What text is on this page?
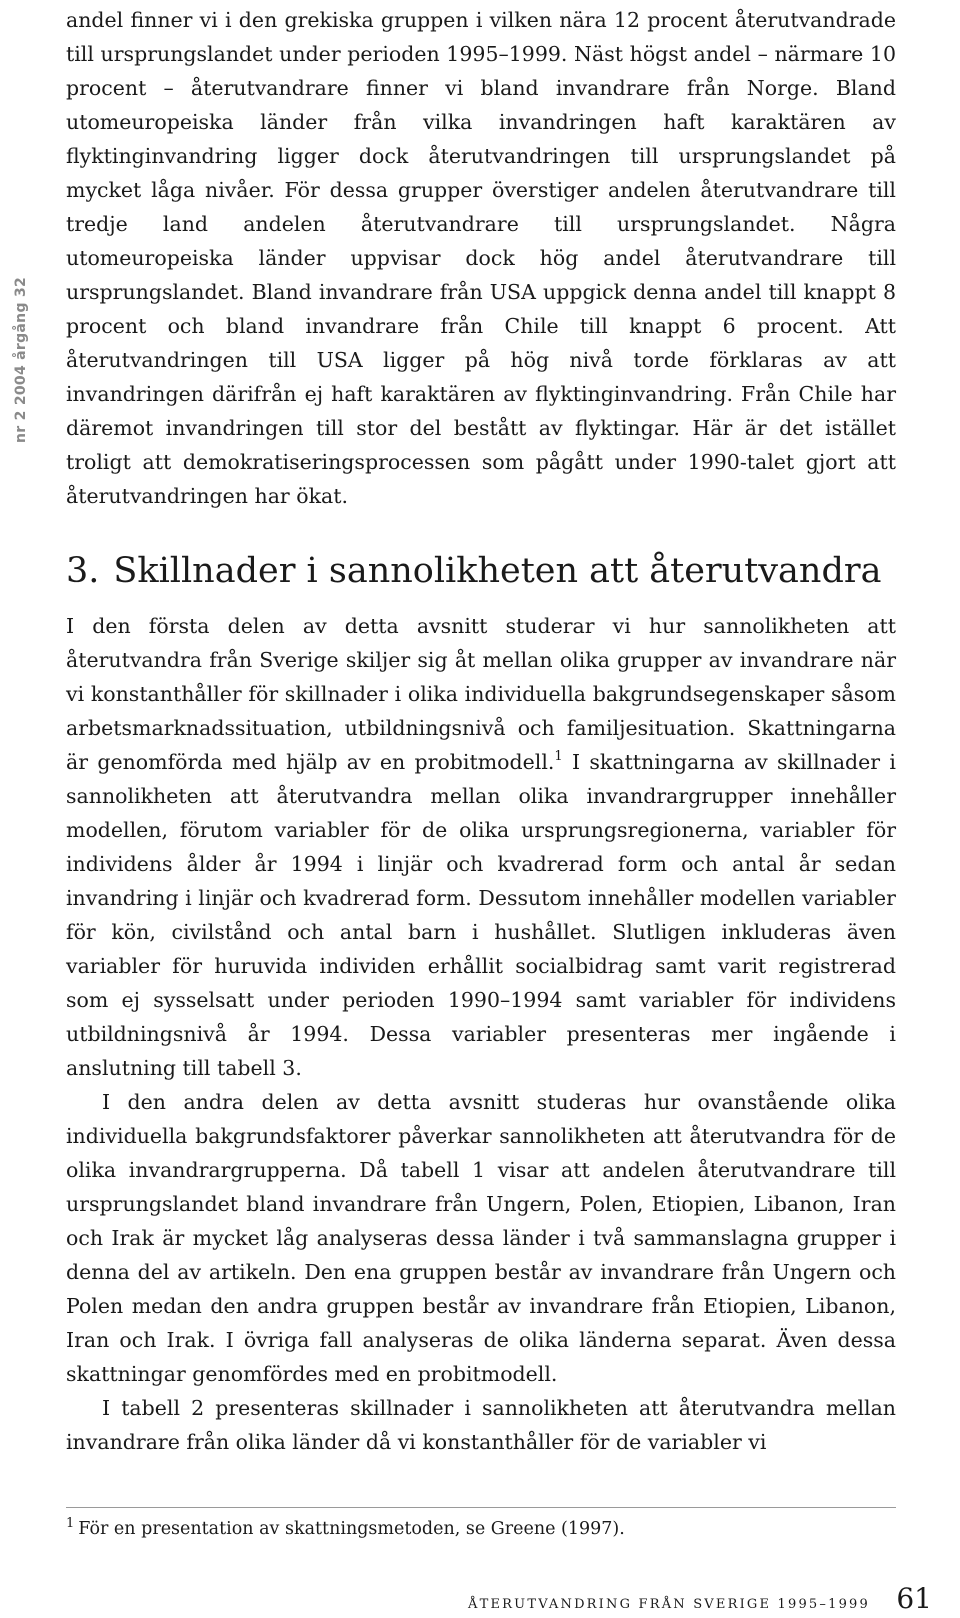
nr 2 2004 årgång 32

andel finner vi i den grekiska gruppen i vilken nära 12 procent återutvandrade till ursprungslandet under perioden 1995–1999. Näst högst andel – närmare 10 procent – återutvandrare finner vi bland invandrare från Norge. Bland utomeuropeiska länder från vilka invandringen haft karaktären av flyktinginvandring ligger dock återutvandringen till ursprungslandet på mycket låga nivåer. För dessa grupper överstiger andelen återutvandrare till tredje land andelen återutvandrare till ursprungslandet. Några utomeuropeiska länder uppvisar dock hög andel återutvandrare till ursprungslandet. Bland invandrare från USA uppgick denna andel till knappt 8 procent och bland invandrare från Chile till knappt 6 procent. Att återutvandringen till USA ligger på hög nivå torde förklaras av att invandringen därifrån ej haft karaktären av flyktinginvandring. Från Chile har däremot invandringen till stor del bestått av flyktingar. Här är det istället troligt att demokratiseringsprocessen som pågått under 1990-talet gjort att återutvandringen har ökat.

3. Skillnader i sannolikheten att återutvandra

I den första delen av detta avsnitt studerar vi hur sannolikheten att återutvandra från Sverige skiljer sig åt mellan olika grupper av invandrare när vi konstanthåller för skillnader i olika individuella bakgrundsegenskaper såsom arbetsmarknadssituation, utbildningsnivå och familjesituation. Skattningarna är genomförda med hjälp av en probitmodell.$^1$ I skattningarna av skillnader i sannolikheten att återutvandra mellan olika invandrargrupper innehåller modellen, förutom variabler för de olika ursprungsregionerna, variabler för individens ålder år 1994 i linjär och kvadrerad form och antal år sedan invandring i linjär och kvadrerad form. Dessutom innehåller modellen variabler för kön, civilstånd och antal barn i hushållet. Slutligen inkluderas även variabler för huruvida individen erhållit socialbidrag samt varit registrerad som ej sysselsatt under perioden 1990–1994 samt variabler för individens utbildningsnivå år 1994. Dessa variabler presenteras mer ingående i anslutning till tabell 3.

I den andra delen av detta avsnitt studeras hur ovanstående olika individuella bakgrundsfaktorer påverkar sannolikheten att återutvandra för de olika invandrargrupperna. Då tabell 1 visar att andelen återutvandrare till ursprungslandet bland invandrare från Ungern, Polen, Etiopien, Libanon, Iran och Irak är mycket låg analyseras dessa länder i två sammanslagna grupper i denna del av artikeln. Den ena gruppen består av invandrare från Ungern och Polen medan den andra gruppen består av invandrare från Etiopien, Libanon, Iran och Irak. I övriga fall analyseras de olika länderna separat. Även dessa skattningar genomfördes med en probitmodell.

I tabell 2 presenteras skillnader i sannolikheten att återutvandra mellan invandrare från olika länder då vi konstanthåller för de variabler vi

$^1$ För en presentation av skattningsmetoden, se Greene (1997).
ÅTERUTVANDRING FRÅN SVERIGE 1995–1999 61
